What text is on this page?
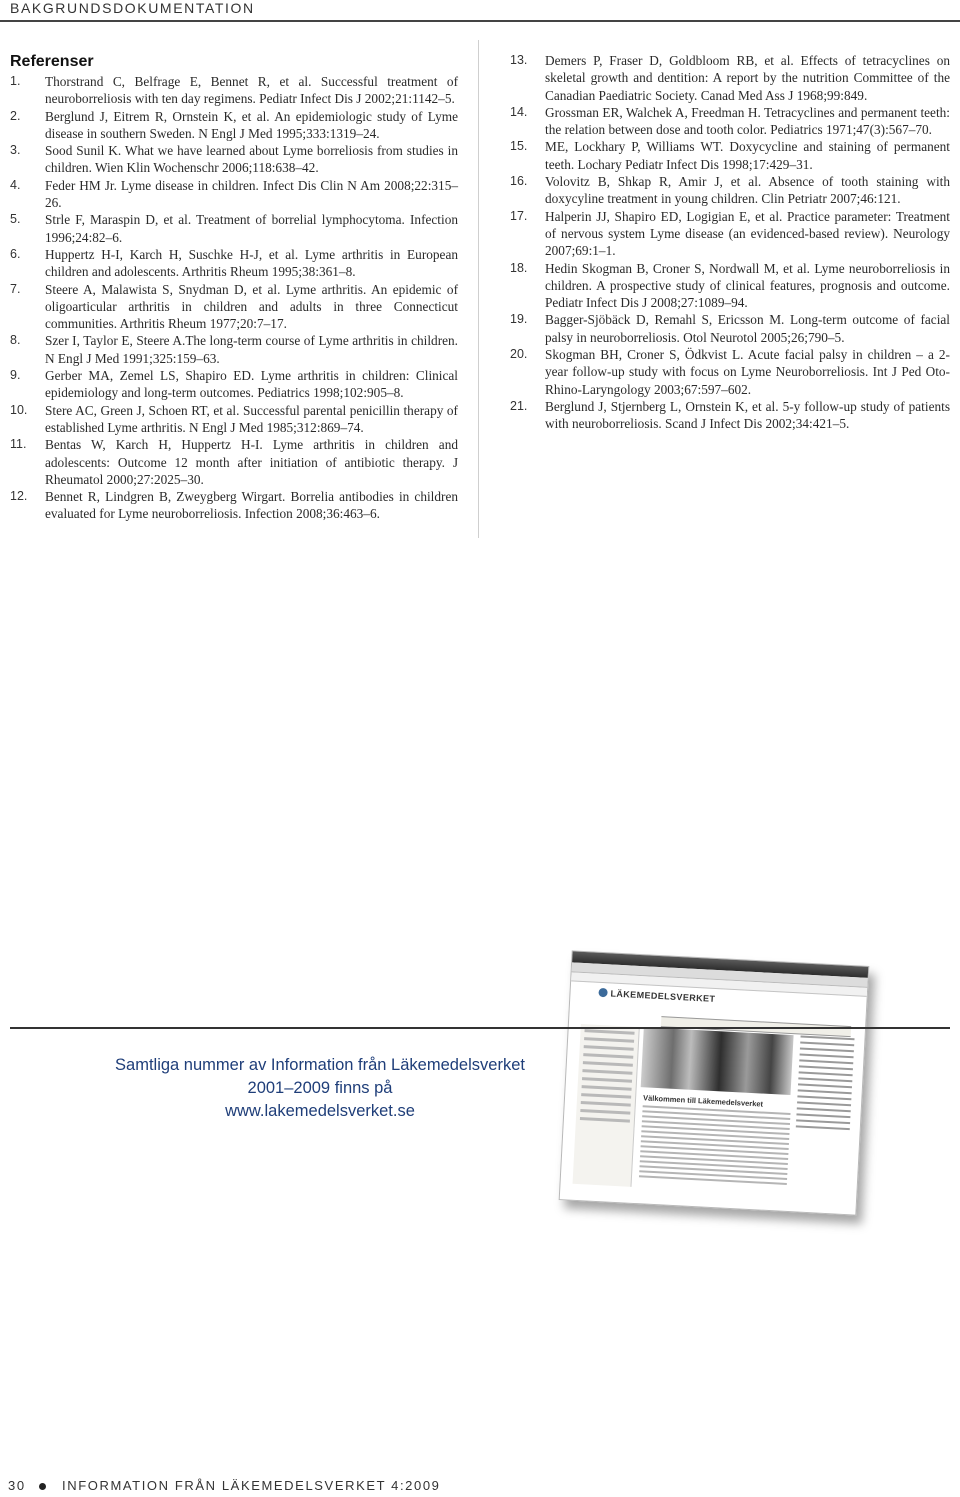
BAKGRUNDSDOKUMENTATION
Referenser
1.	Thorstrand C, Belfrage E, Bennet R, et al. Successful treatment of neuroborreliosis with ten day regimens. Pediatr Infect Dis J 2002;21:1142–5.
2.	Berglund J, Eitrem R, Ornstein K, et al. An epidemiologic study of Lyme disease in southern Sweden. N Engl J Med 1995;333:1319–24.
3.	Sood Sunil K. What we have learned about Lyme borreliosis from studies in children. Wien Klin Wochenschr 2006;118:638–42.
4.	Feder HM Jr. Lyme disease in children. Infect Dis Clin N Am 2008;22:315–26.
5.	Strle F, Maraspin D, et al. Treatment of borrelial lymphocytoma. Infection 1996;24:82–6.
6.	Huppertz H-I, Karch H, Suschke H-J, et al. Lyme arthritis in European children and adolescents. Arthritis Rheum 1995;38:361–8.
7.	Steere A, Malawista S, Snydman D, et al. Lyme arthritis. An epidemic of oligoarticular arthritis in children and adults in three Connecticut communities. Arthritis Rheum 1977;20:7–17.
8.	Szer I, Taylor E, Steere A.The long-term course of Lyme arthritis in children. N Engl J Med 1991;325:159–63.
9.	Gerber MA, Zemel LS, Shapiro ED. Lyme arthritis in children: Clinical epidemiology and long-term outcomes. Pediatrics 1998;102:905–8.
10.	Stere AC, Green J, Schoen RT, et al. Successful parental penicillin therapy of established Lyme arthritis. N Engl J Med 1985;312:869–74.
11.	Bentas W, Karch H, Huppertz H-I. Lyme arthritis in children and adolescents: Outcome 12 month after initiation of antibiotic therapy. J Rheumatol 2000;27:2025–30.
12.	Bennet R, Lindgren B, Zweygberg Wirgart. Borrelia antibodies in children evaluated for Lyme neuroborreliosis. Infection 2008;36:463–6.
13.	Demers P, Fraser D, Goldbloom RB, et al. Effects of tetracyclines on skeletal growth and dentition: A report by the nutrition Committee of the Canadian Paediatric Society. Canad Med Ass J 1968;99:849.
14.	Grossman ER, Walchek A, Freedman H. Tetracyclines and permanent teeth: the relation between dose and tooth color. Pediatrics 1971;47(3):567–70.
15.	ME, Lockhary P, Williams WT. Doxycycline and staining of permanent teeth. Lochary Pediatr Infect Dis 1998;17:429–31.
16.	Volovitz B, Shkap R, Amir J, et al. Absence of tooth staining with doxycyline treatment in young children. Clin Petriatr 2007;46:121.
17.	Halperin JJ, Shapiro ED, Logigian E, et al. Practice parameter: Treatment of nervous system Lyme disease (an evidenced-based review). Neurology 2007;69:1–1.
18.	Hedin Skogman B, Croner S, Nordwall M, et al. Lyme neuroborreliosis in children. A prospective study of clinical features, prognosis and outcome. Pediatr Infect Dis J 2008;27:1089–94.
19.	Bagger-Sjöbäck D, Remahl S, Ericsson M. Long-term outcome of facial palsy in neuroborreliosis. Otol Neurotol 2005;26;790–5.
20.	Skogman BH, Croner S, Ödkvist L. Acute facial palsy in children – a 2-year follow-up study with focus on Lyme Neuroborreliosis. Int J Ped Oto-Rhino-Laryngology 2003;67:597–602.
21.	Berglund J, Stjernberg L, Ornstein K, et al. 5-y follow-up study of patients with neuroborreliosis. Scand J Infect Dis 2002;34:421–5.
LÄKEMEDELSVERKET
Välkommen till Läkemedelsverket
Samtliga nummer av Information från Läkemedelsverket
2001–2009 finns på
www.lakemedelsverket.se
30	INFORMATION FRÅN LÄKEMEDELSVERKET 4:2009
